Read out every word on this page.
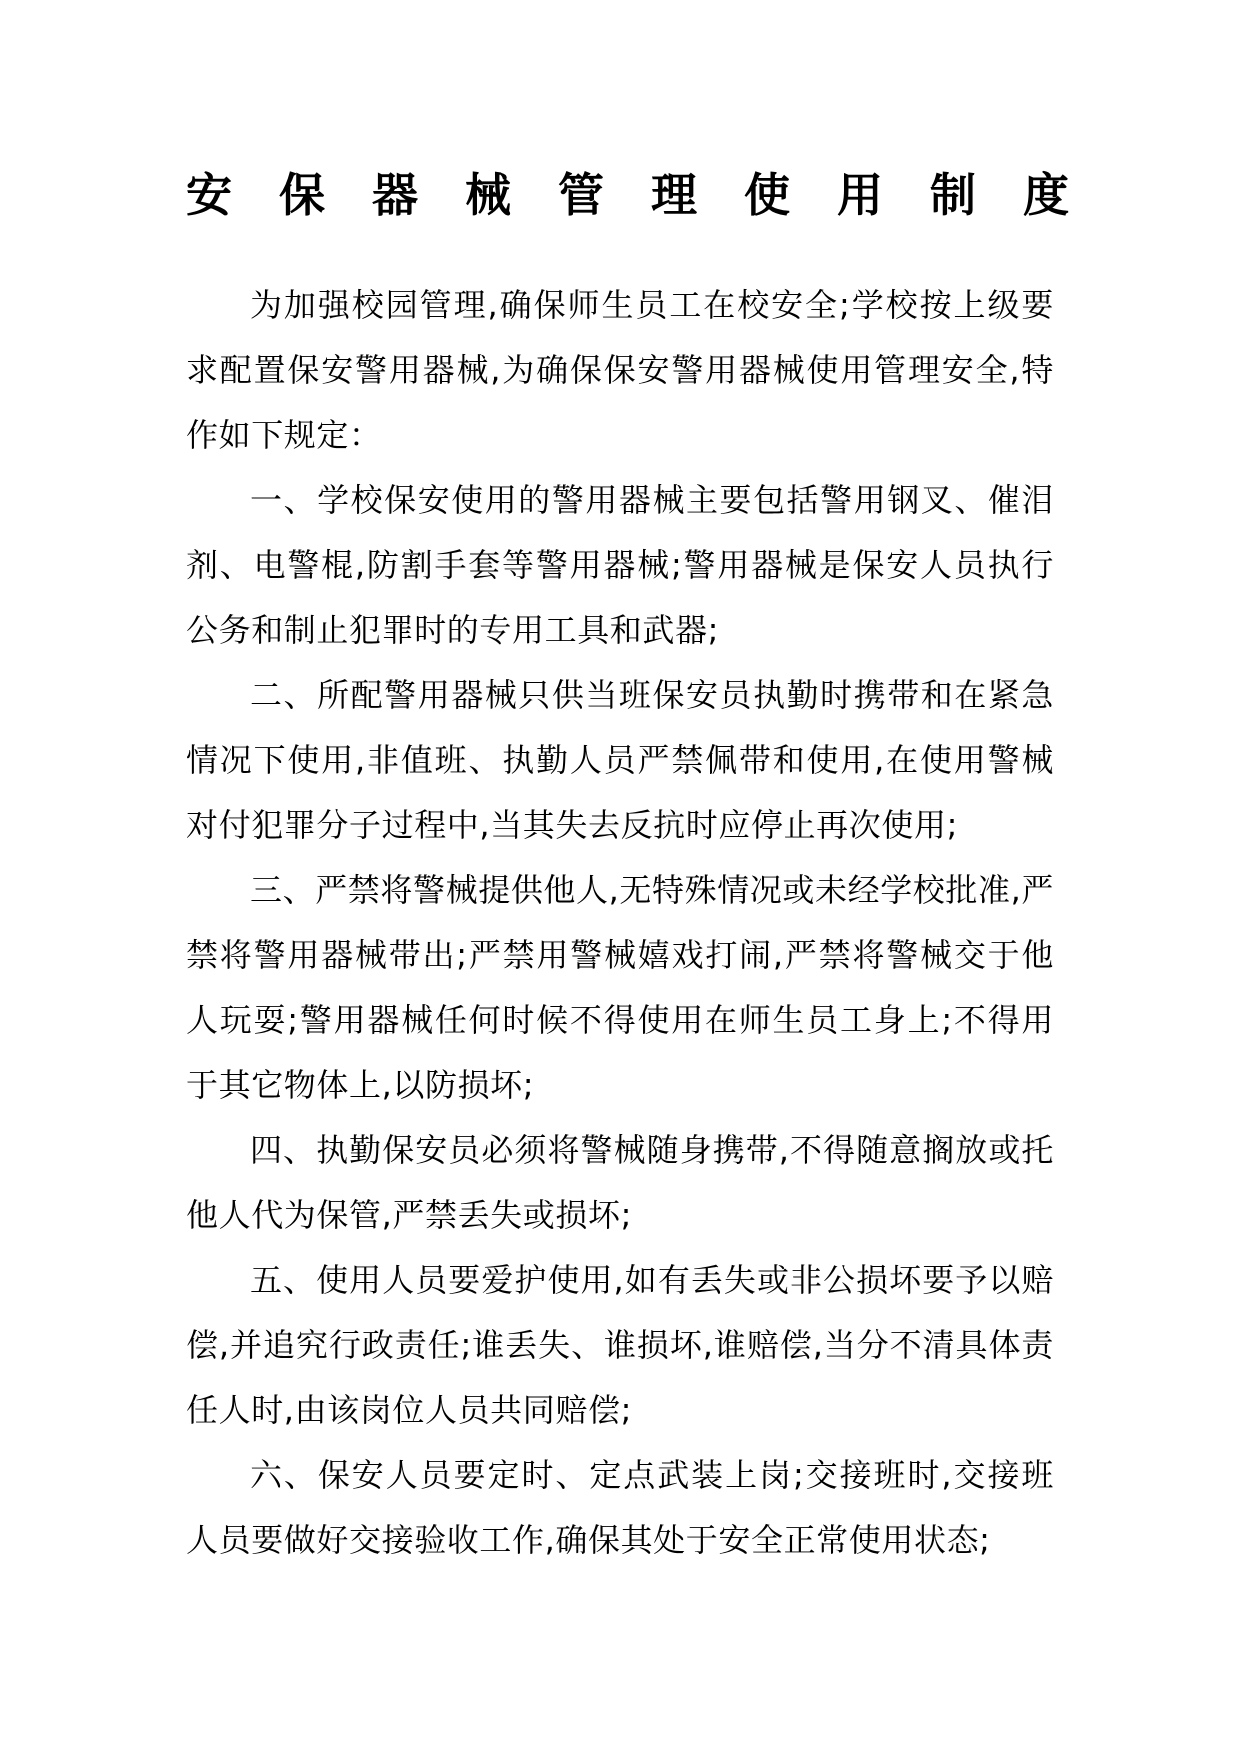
安保器械管理使用制度

为加强校园管理,确保师生员工在校安全;学校按上级要求配置保安警用器械,为确保保安警用器械使用管理安全,特作如下规定：

一、学校保安使用的警用器械主要包括警用钢叉、催泪剂、电警棍,防割手套等警用器械;警用器械是保安人员执行公务和制止犯罪时的专用工具和武器;

二、所配警用器械只供当班保安员执勤时携带和在紧急情况下使用,非值班、执勤人员严禁佩带和使用,在使用警械对付犯罪分子过程中,当其失去反抗时应停止再次使用;

三、严禁将警械提供他人,无特殊情况或未经学校批准,严禁将警用器械带出;严禁用警械嬉戏打闹,严禁将警械交于他人玩耍;警用器械任何时候不得使用在师生员工身上;不得用于其它物体上,以防损坏;

四、执勤保安员必须将警械随身携带,不得随意搁放或托他人代为保管,严禁丢失或损坏;

五、使用人员要爱护使用,如有丢失或非公损坏要予以赔偿,并追究行政责任;谁丢失、谁损坏,谁赔偿,当分不清具体责任人时,由该岗位人员共同赔偿;

六、保安人员要定时、定点武装上岗;交接班时,交接班人员要做好交接验收工作,确保其处于安全正常使用状态;
